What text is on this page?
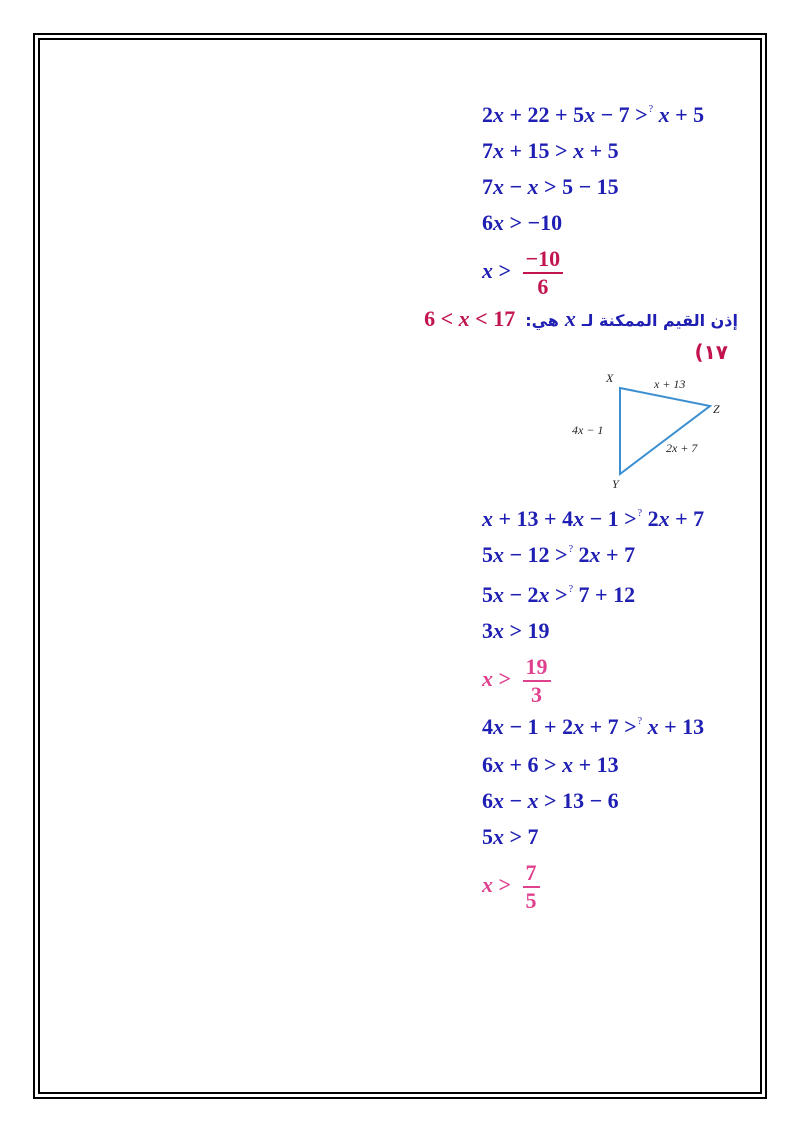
2x + 22 + 5x − 7 >? x + 5
7x + 15 > x + 5
7x − x > 5 − 15
6x > −10
$x > \frac{-10}{6}$
إذن القيم الممكنة لـxهي:6 < x < 17
(١٧
X
Z
Y
x + 13
4x − 1
2x + 7
x + 13 + 4x − 1 >? 2x + 7
5x − 12 >? 2x + 7
5x − 2x >? 7 + 12
3x > 19
$x > \frac{19}{3}$
4x − 1 + 2x + 7 >? x + 13
6x + 6 > x + 13
6x − x > 13 − 6
5x > 7
$x > \frac{7}{5}$
